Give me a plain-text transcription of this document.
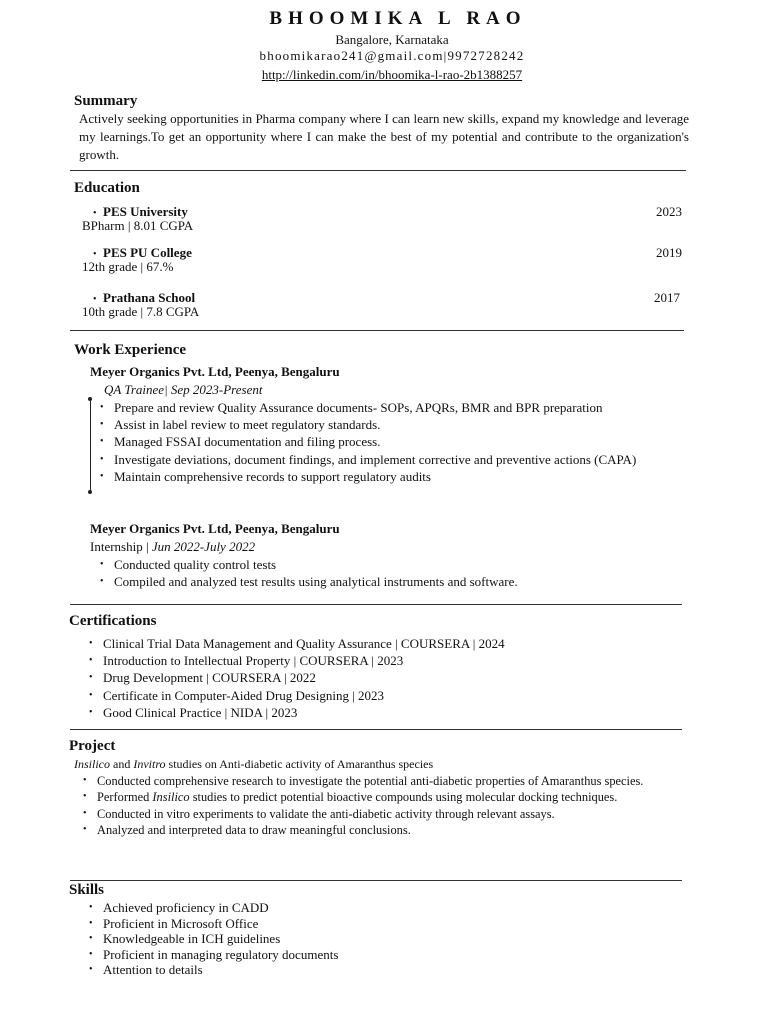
BHOOMIKA L RAO
Bangalore, Karnataka
bhoomikarao241@gmail.com|9972728242
http://linkedin.com/in/bhoomika-l-rao-2b1388257
Summary
Actively seeking opportunities in Pharma company where I can learn new skills, expand my knowledge and leverage my learnings.To get an opportunity where I can make the best of my potential and contribute to the organization's growth.
Education
• PES University
BPharm | 8.01 CGPA
2023
• PES PU College
12th grade | 67.%
2019
• Prathana School
10th grade | 7.8 CGPA
2017
Work Experience
Meyer Organics Pvt. Ltd, Peenya, Bengaluru
QA Trainee| Sep 2023-Present
• Prepare and review Quality Assurance documents- SOPs, APQRs, BMR and BPR preparation
• Assist in label review to meet regulatory standards.
• Managed FSSAI documentation and filing process.
• Investigate deviations, document findings, and implement corrective and preventive actions (CAPA)
• Maintain comprehensive records to support regulatory audits
Meyer Organics Pvt. Ltd, Peenya, Bengaluru
Internship | Jun 2022-July 2022
• Conducted quality control tests
• Compiled and analyzed test results using analytical instruments and software.
Certifications
• Clinical Trial Data Management and Quality Assurance | COURSERA | 2024
• Introduction to Intellectual Property | COURSERA | 2023
• Drug Development | COURSERA | 2022
• Certificate in Computer-Aided Drug Designing | 2023
• Good Clinical Practice | NIDA | 2023
Project
Insilico and Invitro studies on Anti-diabetic activity of Amaranthus species
• Conducted comprehensive research to investigate the potential anti-diabetic properties of Amaranthus species.
• Performed Insilico studies to predict potential bioactive compounds using molecular docking techniques.
• Conducted in vitro experiments to validate the anti-diabetic activity through relevant assays.
• Analyzed and interpreted data to draw meaningful conclusions.
Skills
• Achieved proficiency in CADD
• Proficient in Microsoft Office
• Knowledgeable in ICH guidelines
• Proficient in managing regulatory documents
• Attention to details
